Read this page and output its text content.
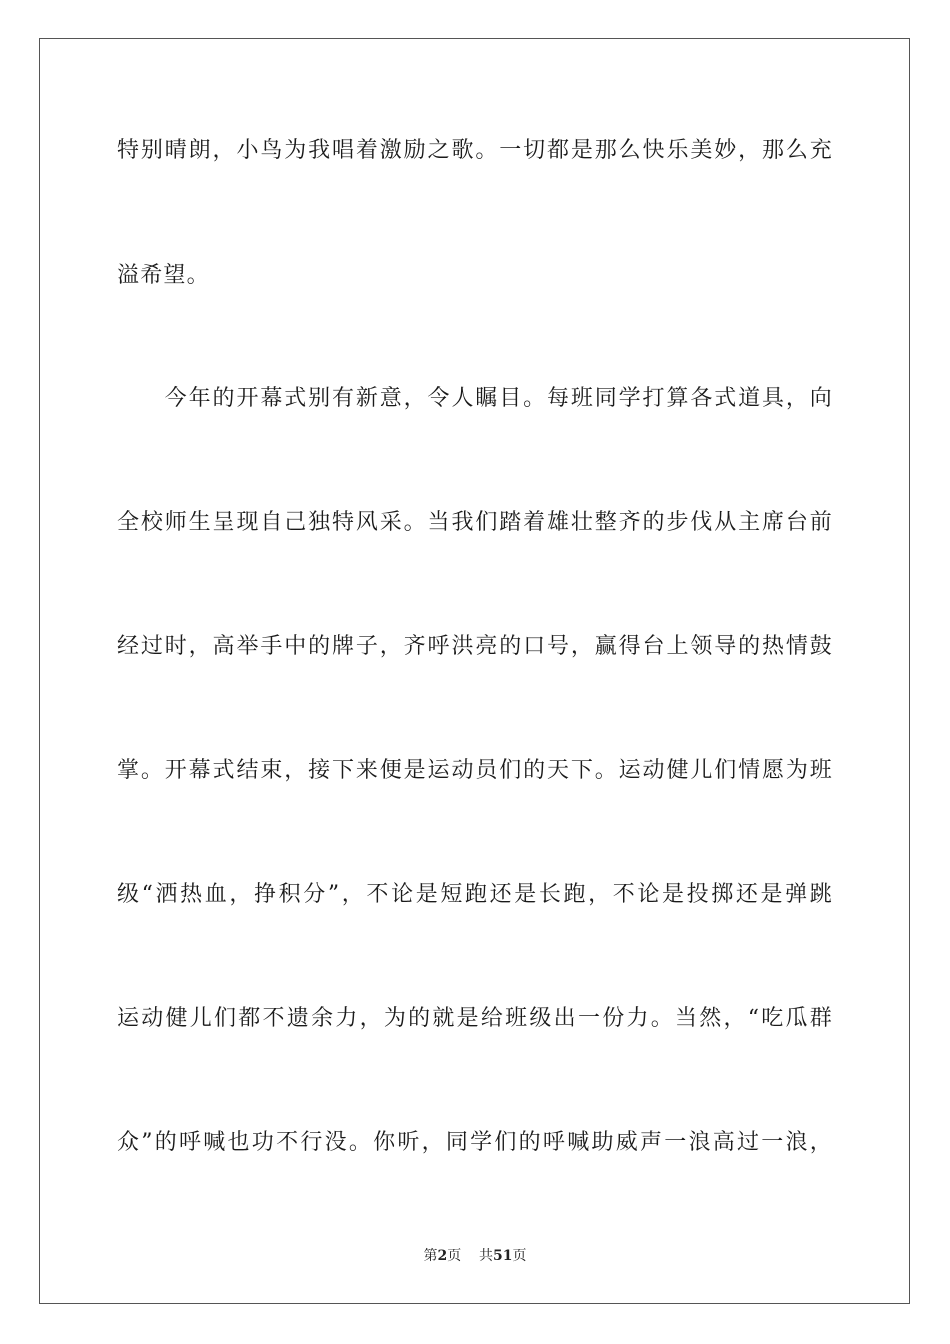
特别晴朗，小鸟为我唱着激励之歌。一切都是那么快乐美妙，那么充
溢希望。
　　今年的开幕式别有新意，令人瞩目。每班同学打算各式道具，向
全校师生呈现自己独特风采。当我们踏着雄壮整齐的步伐从主席台前
经过时，高举手中的牌子，齐呼洪亮的口号，赢得台上领导的热情鼓
掌。开幕式结束，接下来便是运动员们的天下。运动健儿们情愿为班
级“洒热血，挣积分”，不论是短跑还是长跑，不论是投掷还是弹跳
运动健儿们都不遗余力，为的就是给班级出一份力。当然，“吃瓜群
众”的呼喊也功不行没。你听，同学们的呼喊助威声一浪高过一浪，
第2页 共51页
